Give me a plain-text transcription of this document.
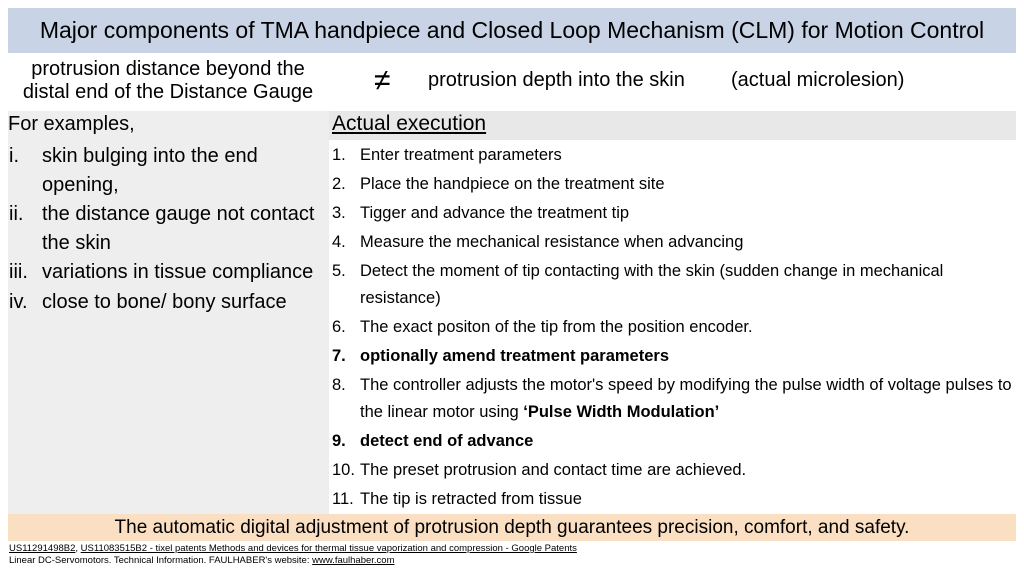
Major components of TMA handpiece and Closed Loop Mechanism (CLM) for Motion Control
protrusion distance beyond the
distal end of the Distance Gauge	≠ protrusion depth into the skin (actual microlesion)
For examples,
i. skin bulging into the end opening,
ii. the distance gauge not contact the skin
iii. variations in tissue compliance
iv. close to bone/ bony surface
Actual execution
1. Enter treatment parameters
2. Place the handpiece on the treatment site
3. Tigger and advance the treatment tip
4. Measure the mechanical resistance when advancing
5. Detect the moment of tip contacting with the skin (sudden change in mechanical resistance)
6. The exact positon of the tip from the position encoder.
7. optionally amend treatment parameters
8. The controller adjusts the motor's speed by modifying the pulse width of voltage pulses to the linear motor using ‘Pulse Width Modulation’
9. detect end of advance
10. The preset protrusion and contact time are achieved.
11. The tip is retracted from tissue
The automatic digital adjustment of protrusion depth guarantees precision, comfort, and safety.
US11291498B2, US11083515B2 - tixel patents Methods and devices for thermal tissue vaporization and compression - Google Patents
Linear DC-Servomotors. Technical Information. FAULHABER's website: www.faulhaber.com
